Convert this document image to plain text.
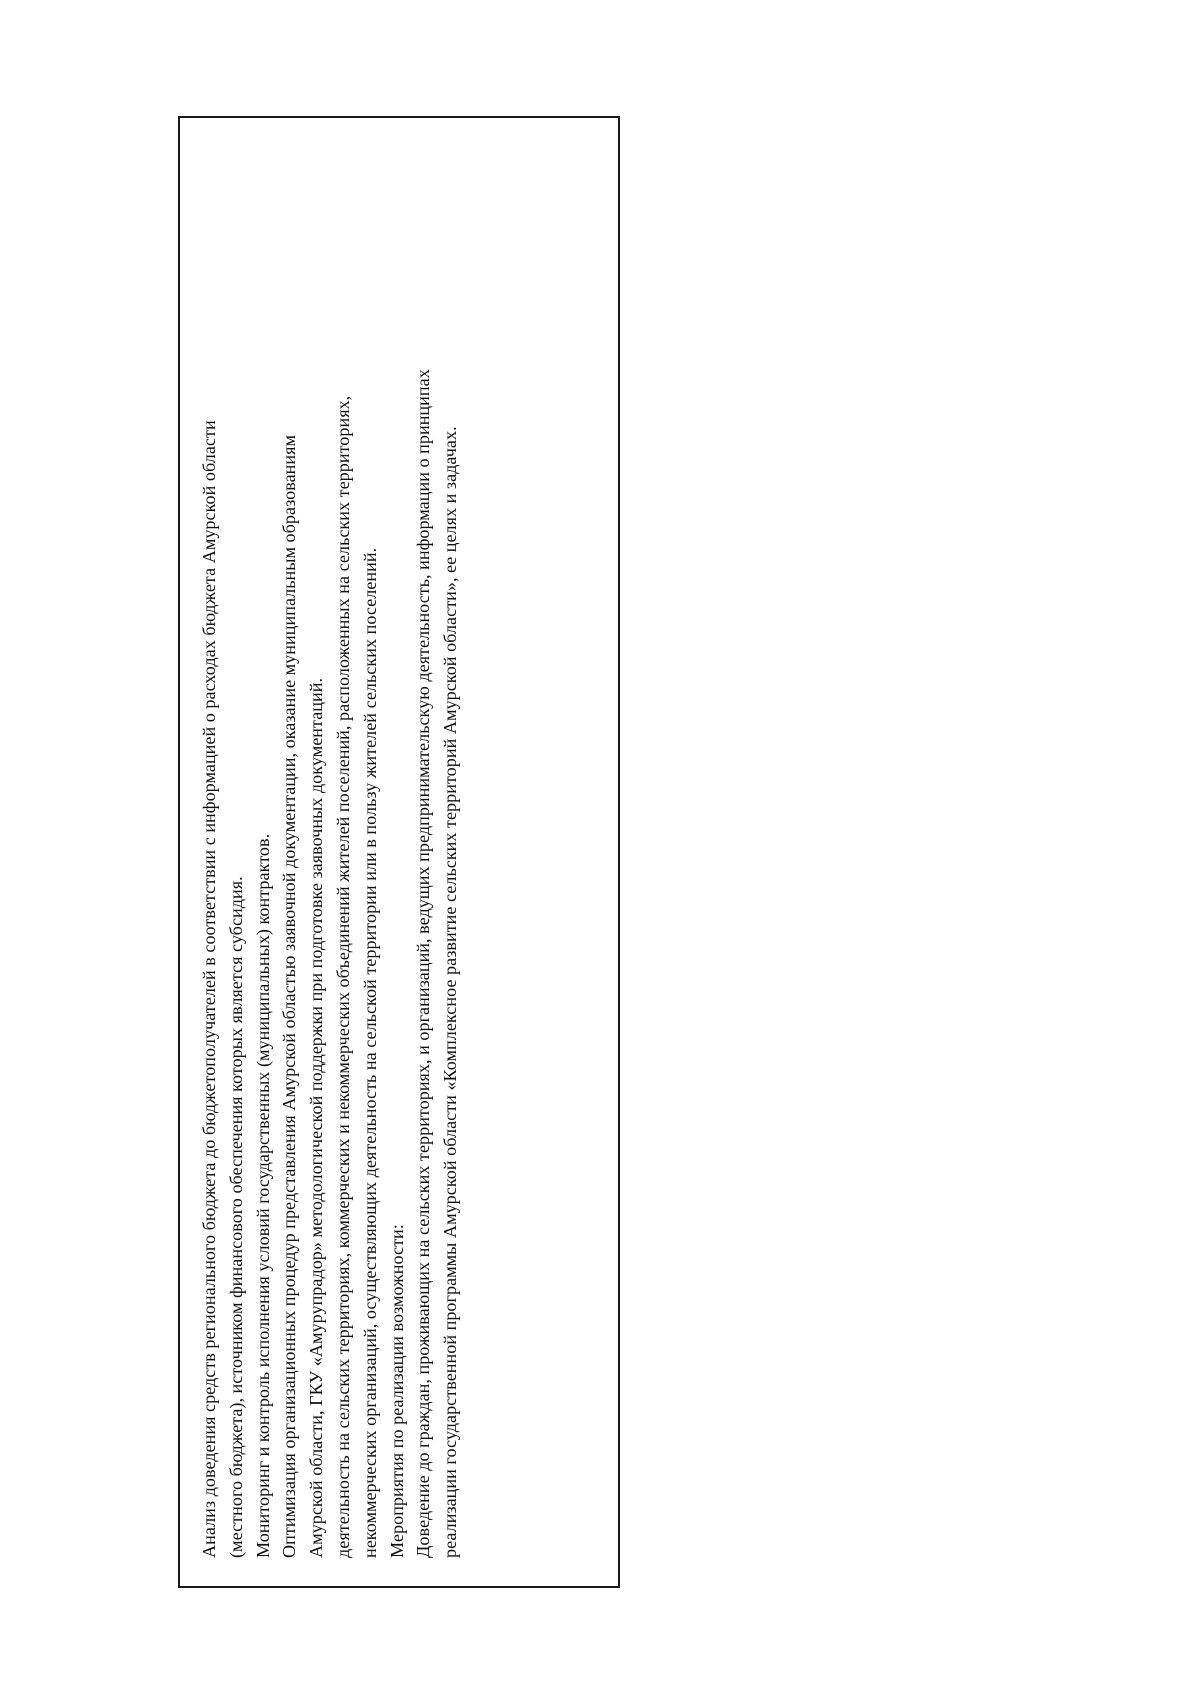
Анализ доведения средств регионального бюджета до бюджетополучателей в соответствии с информацией о расходах бюджета Амурской области (местного бюджета), источником финансового обеспечения которых является субсидия. Мониторинг и контроль исполнения условий государственных (муниципальных) контрактов. Оптимизация организационных процедур представления Амурской областью заявочной документации, оказание муниципальным образованиям Амурской области, ГКУ «Амурупрадор» методологической поддержки при подготовке заявочных документаций. деятельность на сельских территориях, коммерческих и некоммерческих объединений жителей поселений, расположенных на сельских территориях, некоммерческих организаций, осуществляющих деятельность на сельской территории или в пользу жителей сельских поселений. Мероприятия по реализации возможности: Доведение до граждан, проживающих на сельских территориях, и организаций, ведущих предпринимательскую деятельность, информации о принципах реализации государственной программы Амурской области «Комплексное развитие сельских территорий Амурской области», ее целях и задачах.
